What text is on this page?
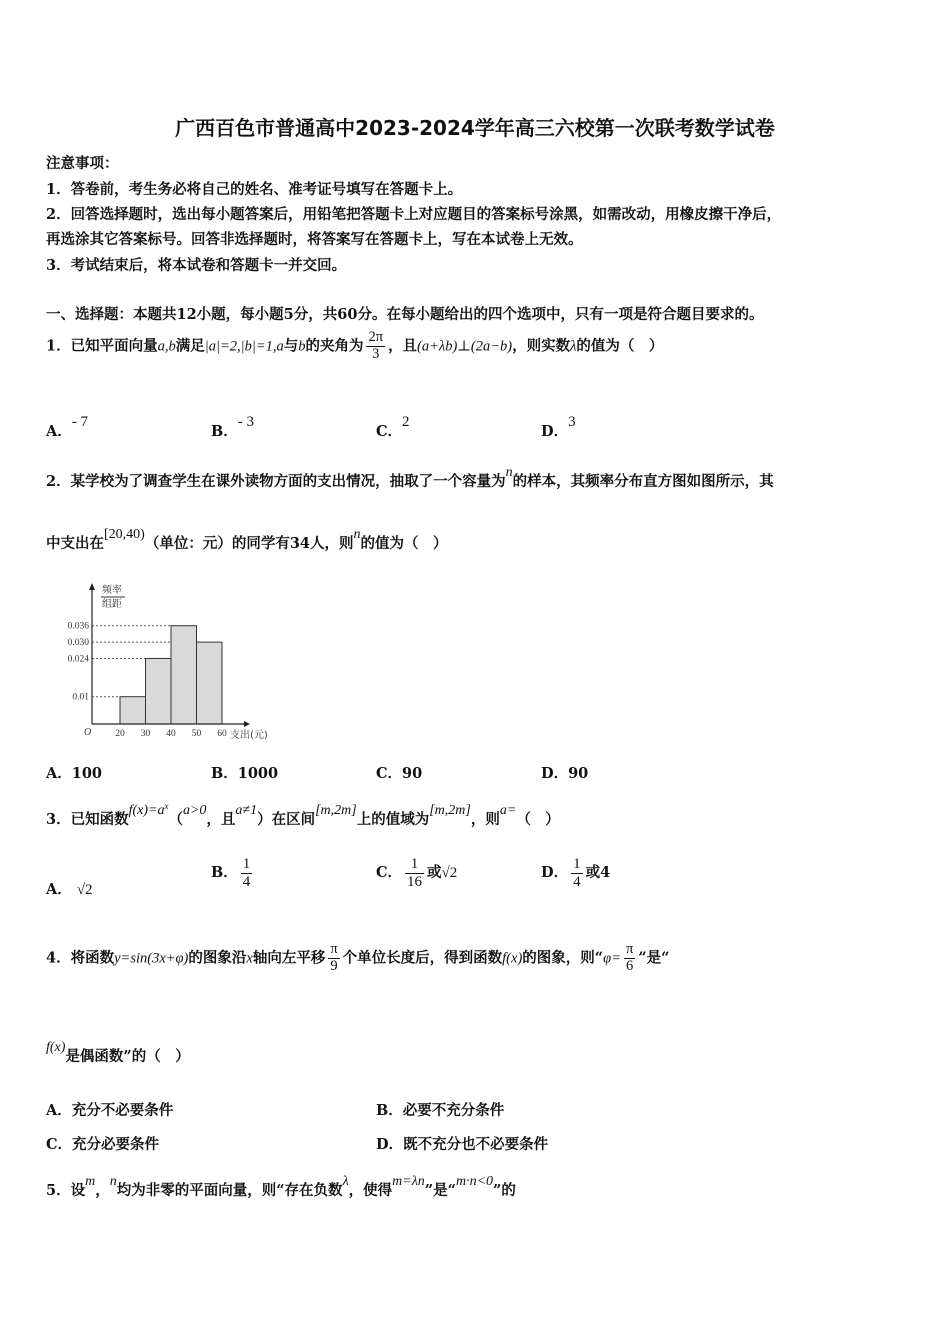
广西百色市普通高中2023-2024学年高三六校第一次联考数学试卷
注意事项：
1．答卷前，考生务必将自己的姓名、准考证号填写在答题卡上。
2．回答选择题时，选出每小题答案后，用铅笔把答题卡上对应题目的答案标号涂黑，如需改动，用橡皮擦干净后，
再选涂其它答案标号。回答非选择题时，将答案写在答题卡上，写在本试卷上无效。
3．考试结束后，将本试卷和答题卡一并交回。
一、选择题：本题共12小题，每小题5分，共60分。在每小题给出的四个选项中，只有一项是符合题目要求的。
1．已知平面向量a,b满足|a|=2,|b|=1,a与b的夹角为 $\frac{2\pi}{3}$ ，且(a+λb)⊥(2a−b)，则实数λ的值为（　）
A．- 7
B．- 3
C．2
D．3
2．某学校为了调查学生在课外读物方面的支出情况，抽取了一个容量为n的样本，其频率分布直方图如图所示，其
中支出在[20,40)（单位：元）的同学有34人，则n的值为（　）
0.036
0.030
0.024
0.01
20 30 40 50 60
频率
组距
支出(元)
O
A．100	B．1000	C．90	D．90
3．已知函数$f(x)=a^x(a>0$，且a≠1）在区间[m,2m]上的值域为[m,2m]，则a=（　）
A． √2
B． $\frac{1}{4}$	C． $\frac{1}{16}$ 或√2	D． $\frac{1}{4}$ 或4
4．将函数y=sin(3x+φ)的图象沿x轴向左平移 $\frac{\pi}{9}$ 个单位长度后，得到函数f(x)的图象，则“$\varphi= \frac{\pi}{6}$ ”是“
f(x)是偶函数”的（　）
A．充分不必要条件	B．必要不充分条件
C．充分必要条件	D．既不充分也不必要条件
5．设m，n均为非零的平面向量，则“存在负数λ，使得m=λn”是“m·n<0”的
